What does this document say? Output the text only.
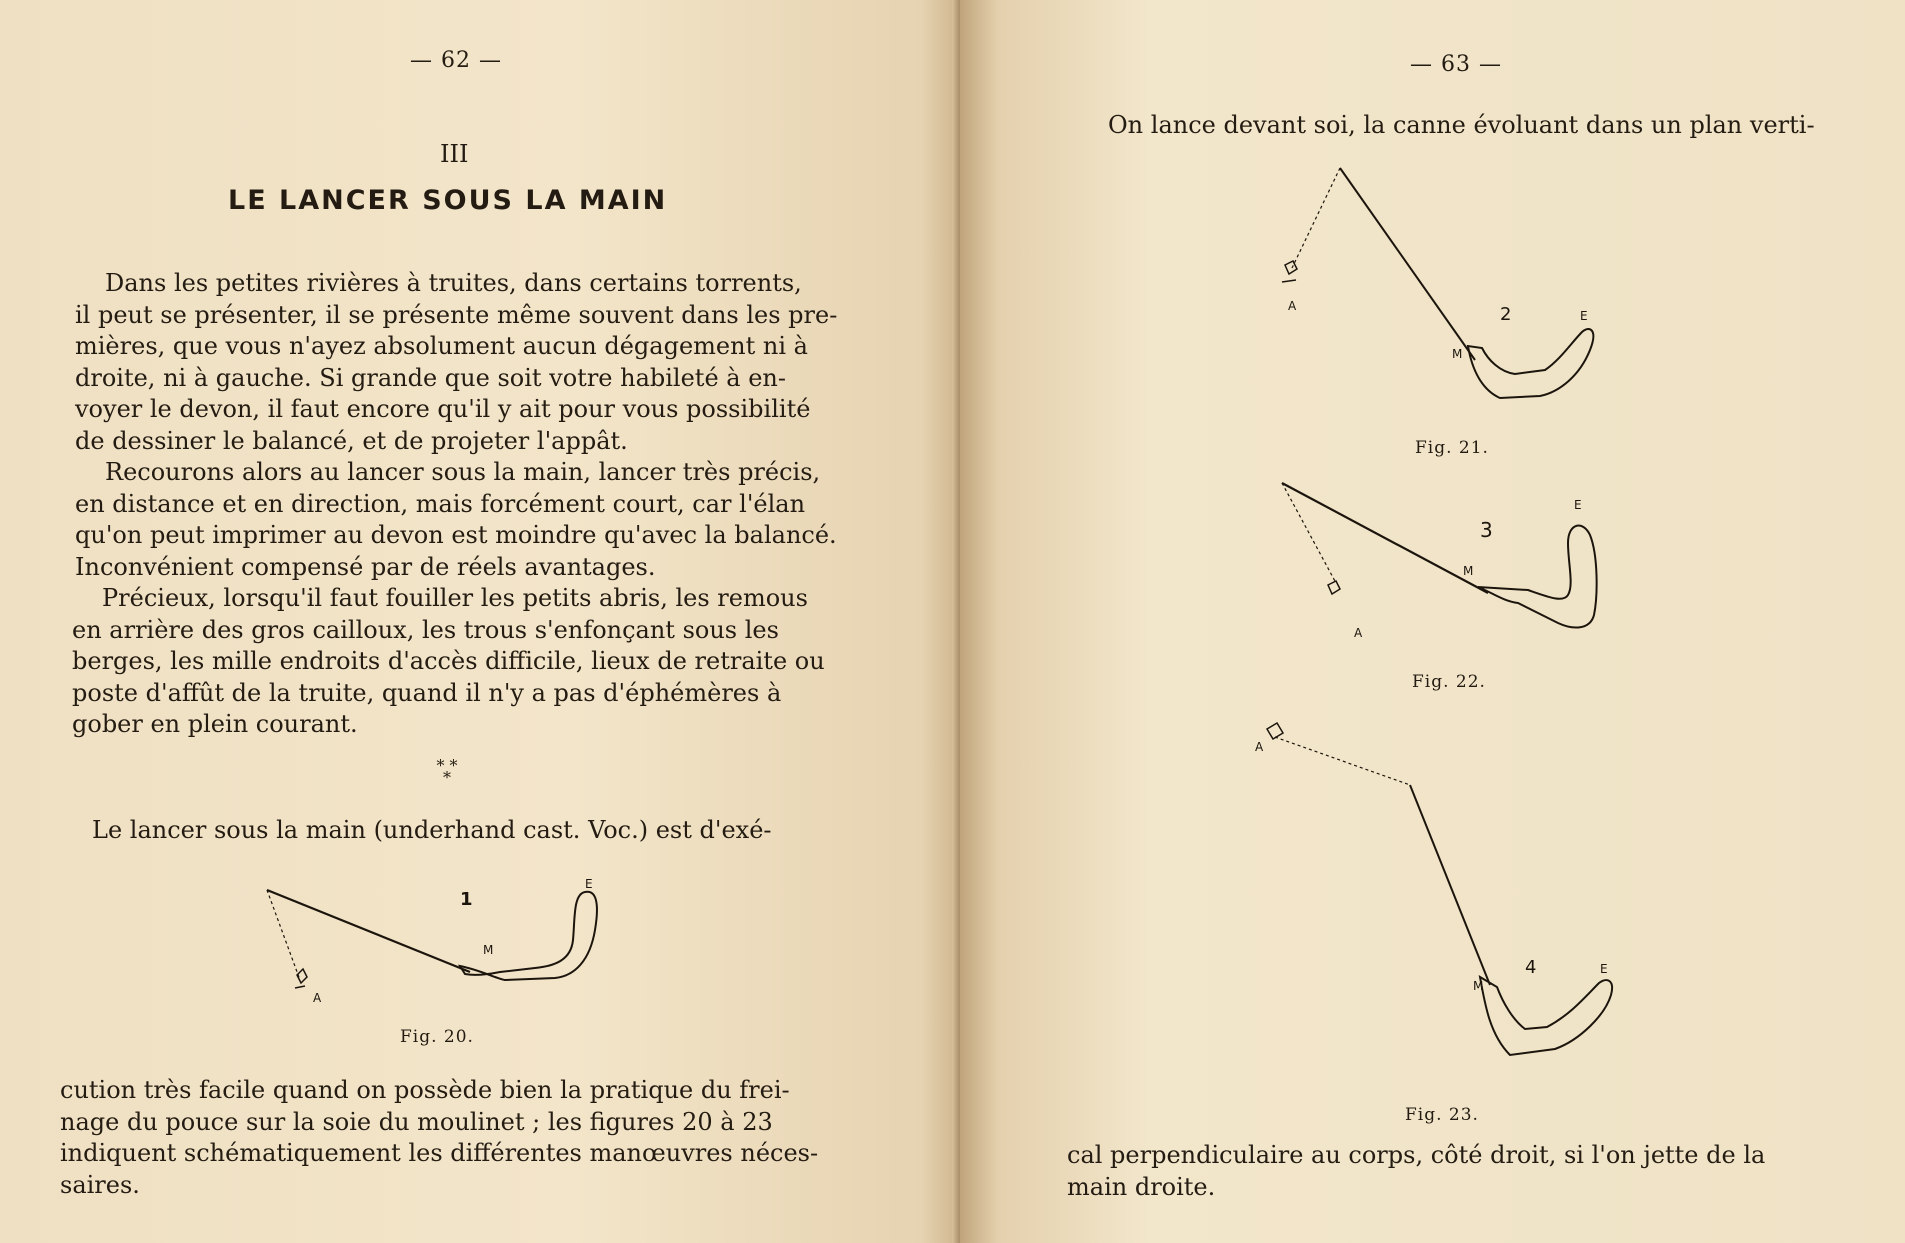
— 62 —
III
LE LANCER SOUS LA MAIN
Dans les petites rivières à truites, dans certains torrents,
il peut se présenter, il se présente même souvent dans les pre-
mières, que vous n'ayez absolument aucun dégagement ni à
droite, ni à gauche. Si grande que soit votre habileté à en-
voyer le devon, il faut encore qu'il y ait pour vous possibilité
de dessiner le balancé, et de projeter l'appât.
Recourons alors au lancer sous la main, lancer très précis,
en distance et en direction, mais forcément court, car l'élan
qu'on peut imprimer au devon est moindre qu'avec la balancé.
Inconvénient compensé par de réels avantages.
Précieux, lorsqu'il faut fouiller les petits abris, les remous
en arrière des gros cailloux, les trous s'enfonçant sous les
berges, les mille endroits d'accès difficile, lieux de retraite ou
poste d'affût de la truite, quand il n'y a pas d'éphémères à
gober en plein courant.
* * *
Le lancer sous la main (underhand cast. Voc.) est d'exé-
1
M
E
A
Fig. 20.
cution très facile quand on possède bien la pratique du frei-
nage du pouce sur la soie du moulinet ; les figures 20 à 23
indiquent schématiquement les différentes manœuvres néces-
saires.
— 63 —
On lance devant soi, la canne évoluant dans un plan verti-
A	2	E
M
Fig. 21.
3
E
M
A
Fig. 22.
A
4	E
M
Fig. 23.
cal perpendiculaire au corps, côté droit, si l'on jette de la
main droite.
